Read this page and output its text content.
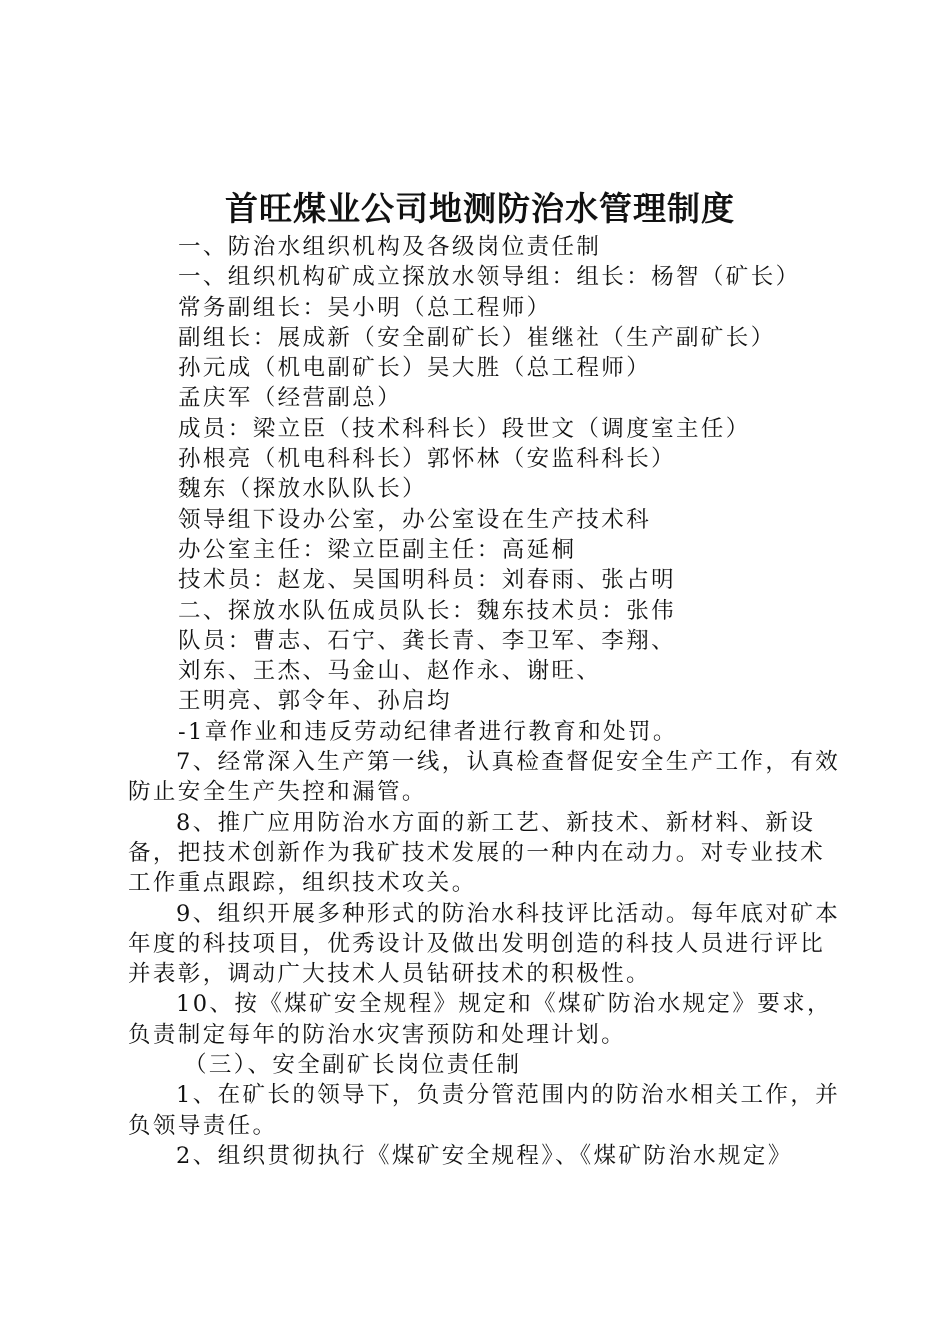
首旺煤业公司地测防治水管理制度

一、防治水组织机构及各级岗位责任制

一、组织机构矿成立探放水领导组：组长：杨智（矿长）

常务副组长：吴小明（总工程师）

副组长：展成新（安全副矿长）崔继社（生产副矿长）

孙元成（机电副矿长）吴大胜（总工程师）

孟庆军（经营副总）

成员：梁立臣（技术科科长）段世文（调度室主任）

孙根亮（机电科科长）郭怀林（安监科科长）

魏东（探放水队队长）

领导组下设办公室，办公室设在生产技术科

办公室主任：梁立臣副主任：高延桐

技术员：赵龙、吴国明科员：刘春雨、张占明

二、探放水队伍成员队长：魏东技术员：张伟

队员：曹志、石宁、龚长青、李卫军、李翔、

刘东、王杰、马金山、赵作永、谢旺、

王明亮、郭令年、孙启均

-1章作业和违反劳动纪律者进行教育和处罚。

7、经常深入生产第一线，认真检查督促安全生产工作，有效防止安全生产失控和漏管。

8、推广应用防治水方面的新工艺、新技术、新材料、新设备，把技术创新作为我矿技术发展的一种内在动力。对专业技术工作重点跟踪，组织技术攻关。

9、组织开展多种形式的防治水科技评比活动。每年底对矿本年度的科技项目，优秀设计及做出发明创造的科技人员进行评比并表彰，调动广大技术人员钻研技术的积极性。

10、按《煤矿安全规程》规定和《煤矿防治水规定》要求，负责制定每年的防治水灾害预防和处理计划。

（三）、安全副矿长岗位责任制

1、在矿长的领导下，负责分管范围内的防治水相关工作，并负领导责任。

2、组织贯彻执行《煤矿安全规程》、《煤矿防治水规定》
